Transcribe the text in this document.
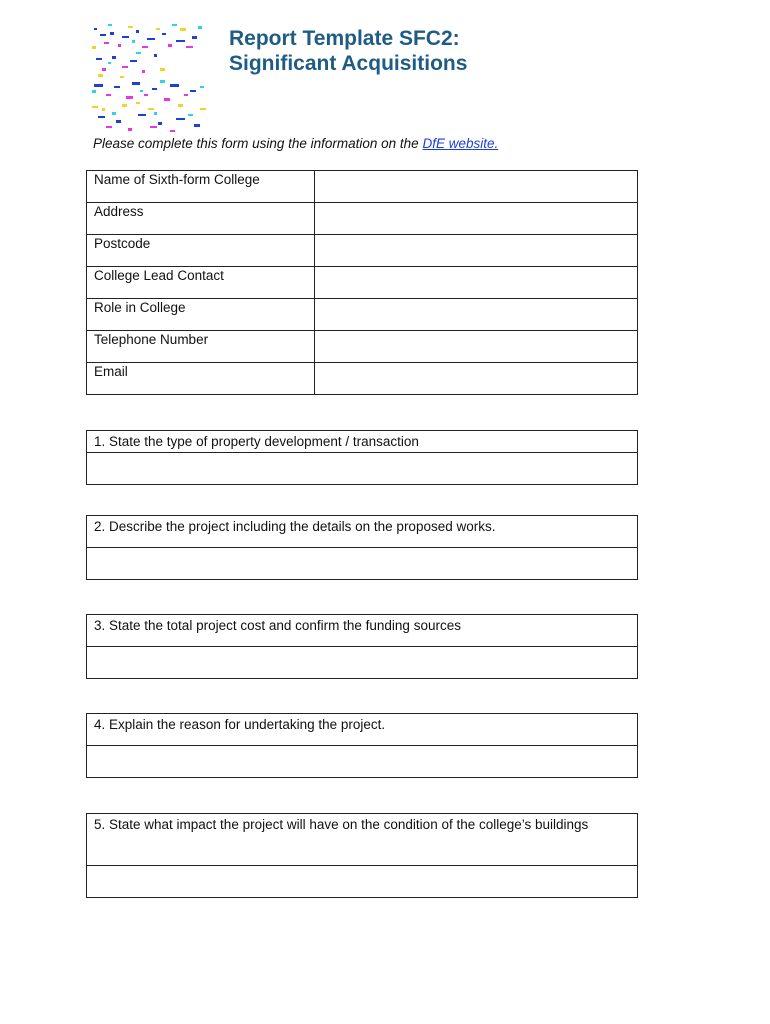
Report Template SFC2:
Significant Acquisitions

Please complete this form using the information on the DfE website.

Name of Sixth-form College	
Address	
Postcode	
College Lead Contact	
Role in College	
Telephone Number	
Email	
1. State the type of property development / transaction

2. Describe the project including the details on the proposed works.

3. State the total project cost and confirm the funding sources

4. Explain the reason for undertaking the project.

5. State what impact the project will have on the condition of the college’s buildings
